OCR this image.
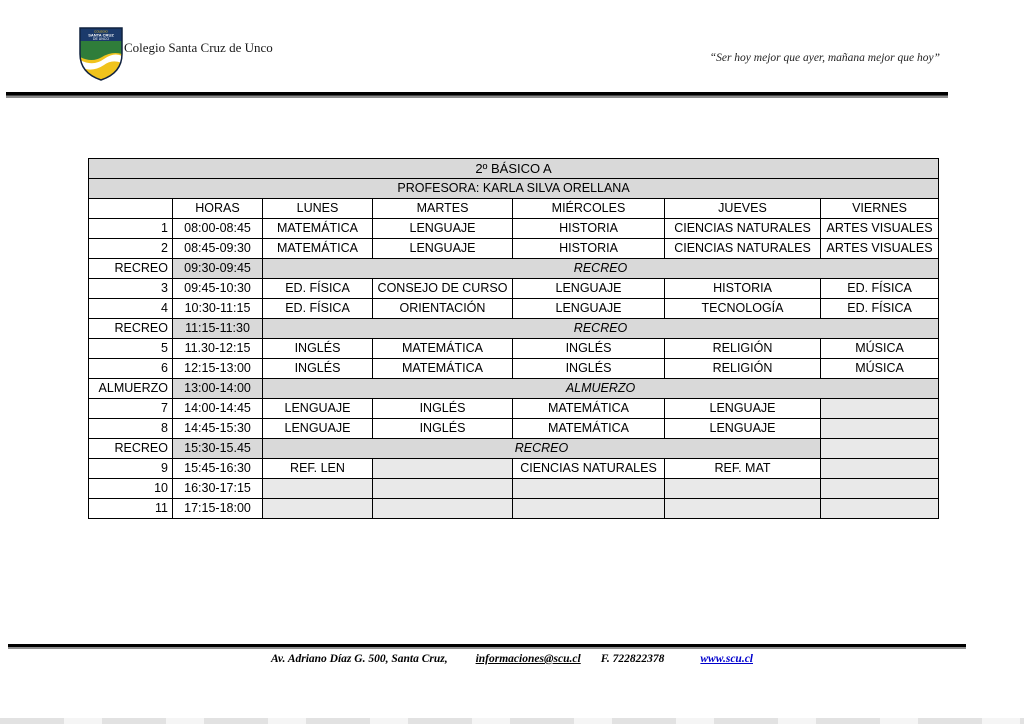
COLEGIO
SANTA CRUZ
DE UNCO
Colegio Santa Cruz de Unco
“Ser hoy mejor que ayer, mañana mejor que hoy”
2º BÁSICO A						
PROFESORA: KARLA SILVA ORELLANA						
	HORAS	LUNES	MARTES	MIÉRCOLES	JUEVES	VIERNES
1	08:00-08:45	MATEMÁTICA	LENGUAJE	HISTORIA	CIENCIAS NATURALES	ARTES VISUALES
2	08:45-09:30	MATEMÁTICA	LENGUAJE	HISTORIA	CIENCIAS NATURALES	ARTES VISUALES
RECREO	09:30-09:45	RECREO				
3	09:45-10:30	ED. FÍSICA	CONSEJO DE CURSO	LENGUAJE	HISTORIA	ED. FÍSICA
4	10:30-11:15	ED. FÍSICA	ORIENTACIÓN	LENGUAJE	TECNOLOGÍA	ED. FÍSICA
RECREO	11:15-11:30	RECREO				
5	11.30-12:15	INGLÉS	MATEMÁTICA	INGLÉS	RELIGIÓN	MÚSICA
6	12:15-13:00	INGLÉS	MATEMÁTICA	INGLÉS	RELIGIÓN	MÚSICA
ALMUERZO	13:00-14:00	ALMUERZO				
7	14:00-14:45	LENGUAJE	INGLÉS	MATEMÁTICA	LENGUAJE	
8	14:45-15:30	LENGUAJE	INGLÉS	MATEMÁTICA	LENGUAJE	
RECREO	15:30-15.45	RECREO				
9	15:45-16:30	REF. LEN		CIENCIAS NATURALES	REF. MAT	
10	16:30-17:15					
11	17:15-18:00					
Av. Adriano Díaz G. 500, Santa Cruz, informaciones@scu.cl F. 722822378	www.scu.cl
